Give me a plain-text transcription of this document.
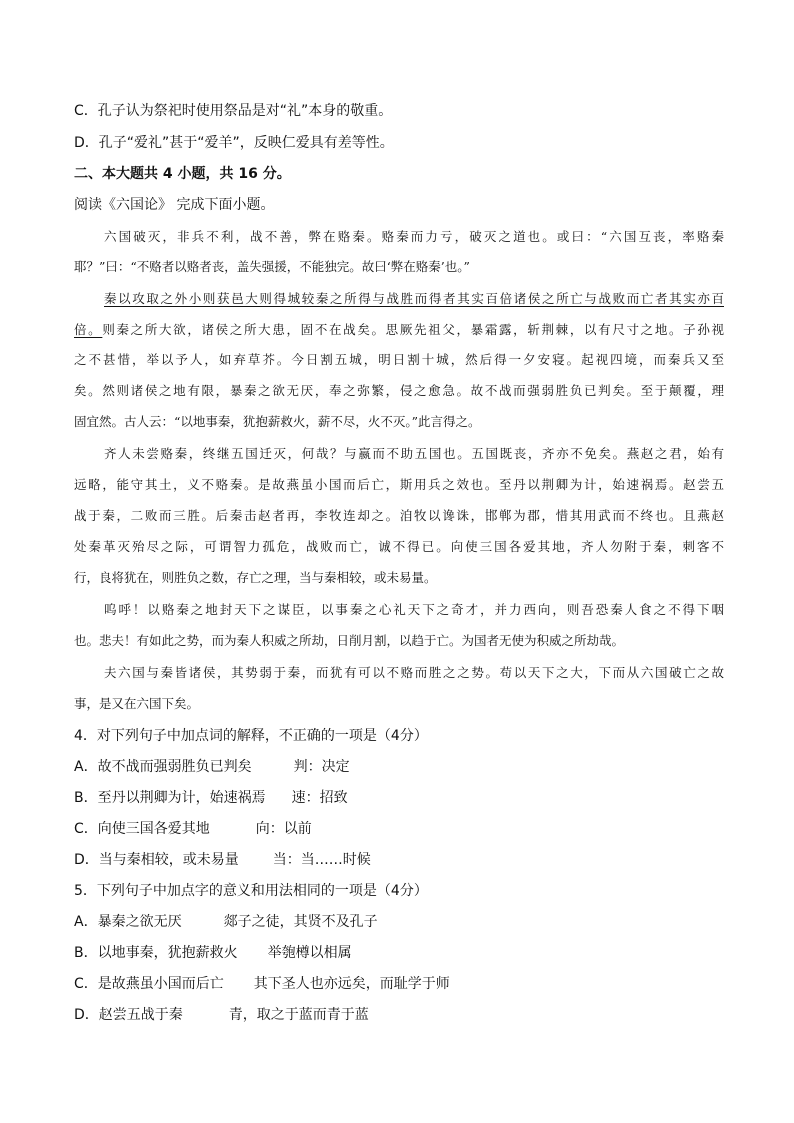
C．孔子认为祭祀时使用祭品是对“礼”本身的敬重。
D．孔子“爱礼”甚于“爱羊”，反映仁爱具有差等性。
二、本大题共 4 小题，共 16 分。
阅读《六国论》 完成下面小题。
六国破灭，非兵不利，战不善，弊在赂秦。赂秦而力亏，破灭之道也。或曰：“六国互丧，率赂秦
耶？”曰：“不赂者以赂者丧，盖失强援，不能独完。故曰‘弊在赂秦’也。”
秦以攻取之外小则获邑大则得城较秦之所得与战胜而得者其实百倍诸侯之所亡与战败而亡者其实亦百
倍。则秦之所大欲，诸侯之所大患，固不在战矣。思厥先祖父，暴霜露，斩荆棘，以有尺寸之地。子孙视
之不甚惜，举以予人，如弃草芥。今日割五城，明日割十城，然后得一夕安寝。起视四境，而秦兵又至
矣。然则诸侯之地有限，暴秦之欲无厌，奉之弥繁，侵之愈急。故不战而强弱胜负已判矣。至于颠覆，理
固宜然。古人云：“以地事秦，犹抱薪救火，薪不尽，火不灭。”此言得之。
齐人未尝赂秦，终继五国迁灭，何哉？与嬴而不助五国也。五国既丧，齐亦不免矣。燕赵之君，始有
远略，能守其土，义不赂秦。是故燕虽小国而后亡，斯用兵之效也。至丹以荆卿为计，始速祸焉。赵尝五
战于秦，二败而三胜。后秦击赵者再，李牧连却之。洎牧以谗诛，邯郸为郡，惜其用武而不终也。且燕赵
处秦革灭殆尽之际，可谓智力孤危，战败而亡，诚不得已。向使三国各爱其地，齐人勿附于秦，刺客不
行，良将犹在，则胜负之数，存亡之理，当与秦相较，或未易量。
呜呼！以赂秦之地封天下之谋臣，以事秦之心礼天下之奇才，并力西向，则吾恐秦人食之不得下咽
也。悲夫！有如此之势，而为秦人积威之所劫，日削月割，以趋于亡。为国者无使为积威之所劫哉。
夫六国与秦皆诸侯，其势弱于秦，而犹有可以不赂而胜之之势。苟以天下之大，下而从六国破亡之故
事，是又在六国下矣。
4．对下列句子中加点词的解释，不正确的一项是（4分）
A．故不战而强弱胜负已判矣	判：决定
B．至丹以荆卿为计，始速祸焉 速：招致
C．向使三国各爱其地	向：以前
D．当与秦相较，或未易量 当：当……时候
5．下列句子中加点字的意义和用法相同的一项是（4分）
A．暴秦之欲无厌	郯子之徒，其贤不及孔子
B．以地事秦，犹抱薪救火 举匏樽以相属
C．是故燕虽小国而后亡 其下圣人也亦远矣，而耻学于师
D．赵尝五战于秦	青，取之于蓝而青于蓝
